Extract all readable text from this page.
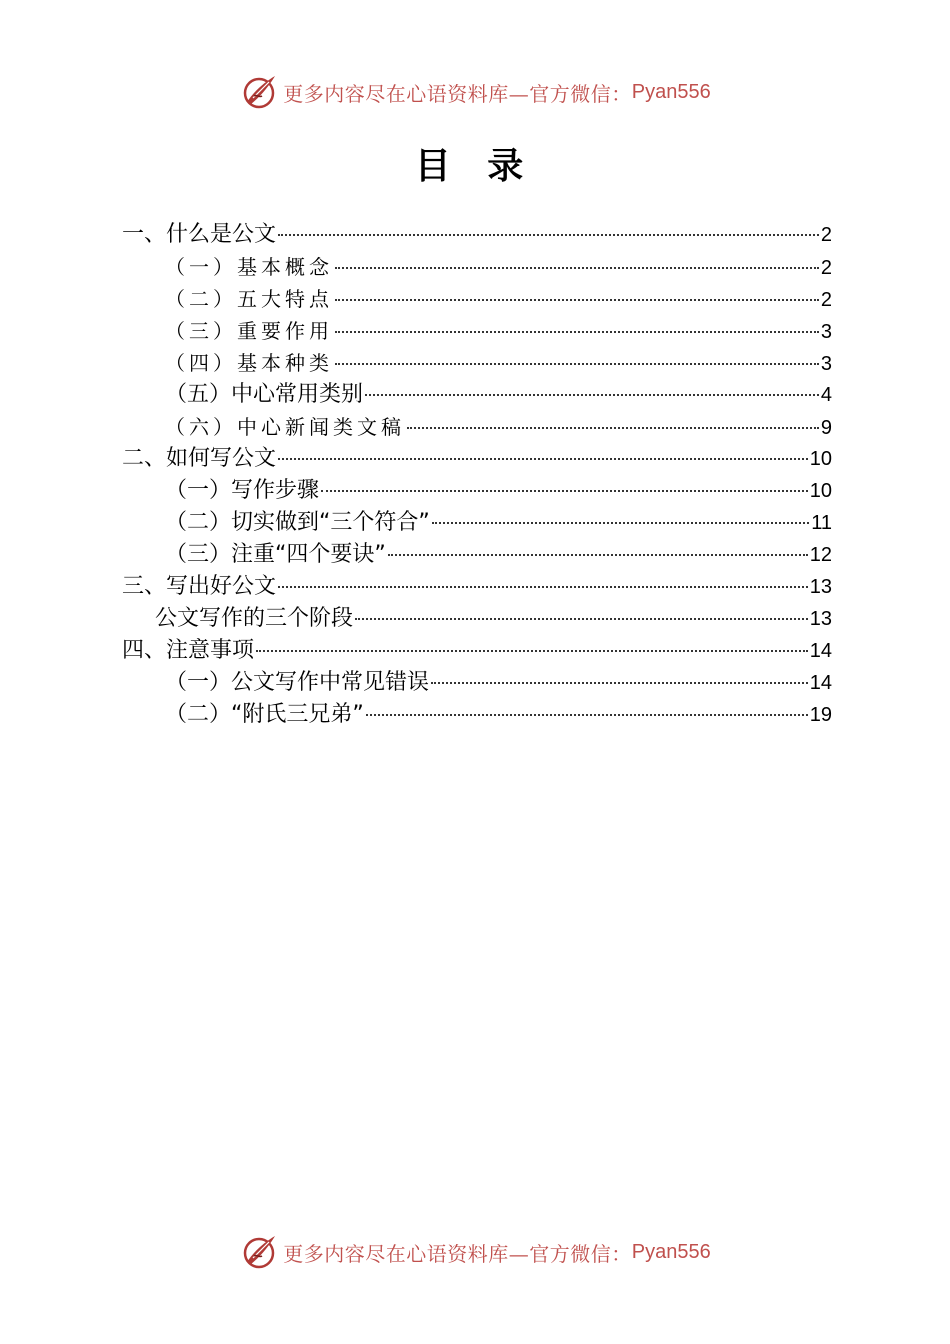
更多内容尽在心语资料库—官方微信： Pyan556
目 录
一、什么是公文	2
（一）基本概念	2
（二）五大特点	2
（三）重要作用	3
（四）基本种类	3
（五）中心常用类别	4
（六）中心新闻类文稿	9
二、如何写公文	10
（一）写作步骤	10
（二）切实做到“三个符合”	11
（三）注重“四个要诀”	12
三、写出好公文	13
公文写作的三个阶段	13
四、注意事项	14
（一）公文写作中常见错误	14
（二）“附氏三兄弟”	19
更多内容尽在心语资料库—官方微信： Pyan556
